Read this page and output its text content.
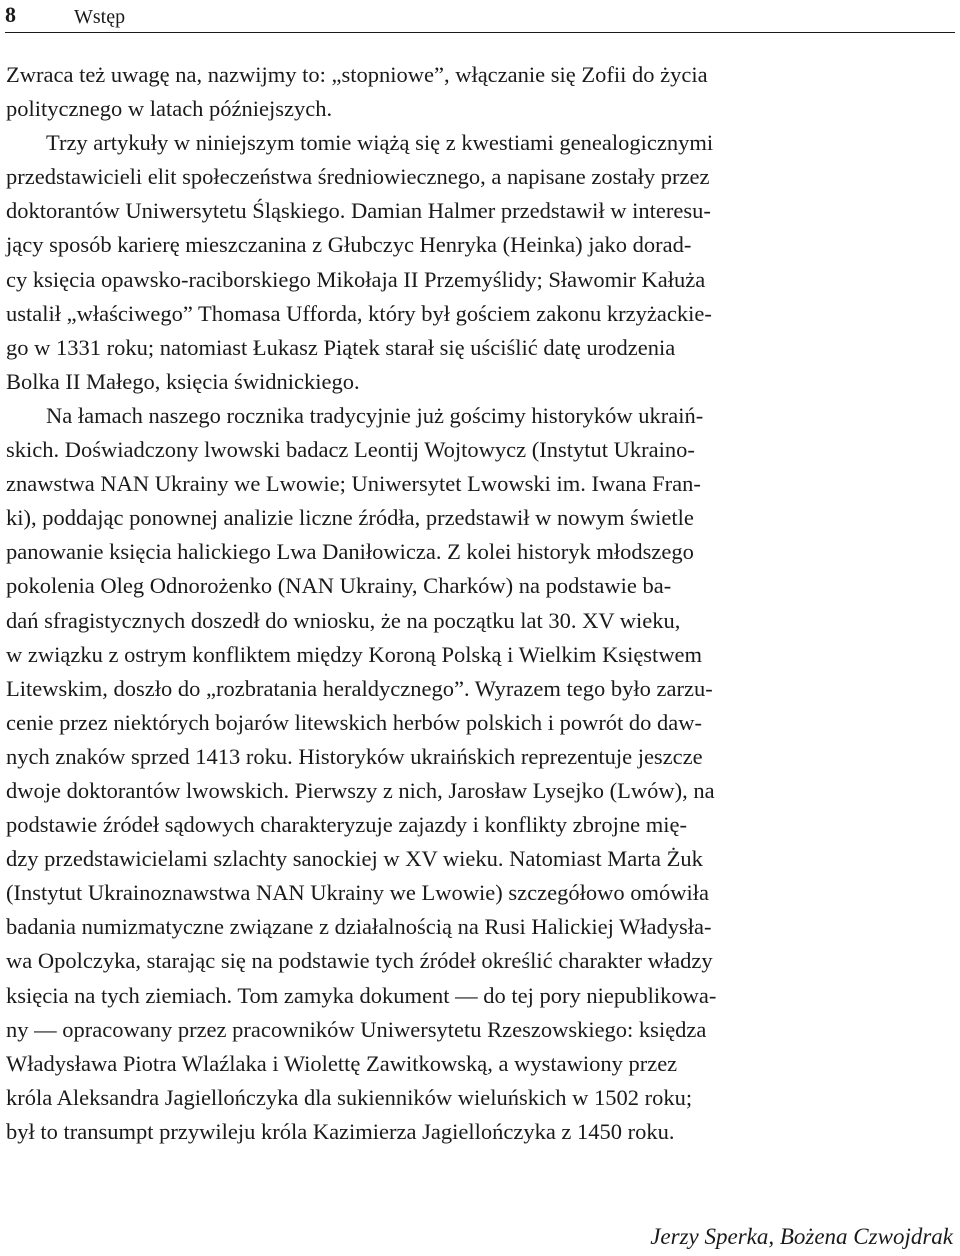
8	Wstęp

Zwraca też uwagę na, nazwijmy to: „stopniowe”, włączanie się Zofii do życia
politycznego w latach późniejszych.

Trzy artykuły w niniejszym tomie wiążą się z kwestiami genealogicznymi
przedstawicieli elit społeczeństwa średniowiecznego, a napisane zostały przez
doktorantów Uniwersytetu Śląskiego. Damian Halmer przedstawił w interesu-
jący sposób karierę mieszczanina z Głubczyc Henryka (Heinka) jako dorad-
cy księcia opawsko-raciborskiego Mikołaja II Przemyślidy; Sławomir Kałuża
ustalił „właściwego” Thomasa Ufforda, który był gościem zakonu krzyżackie-
go w 1331 roku; natomiast Łukasz Piątek starał się uściślić datę urodzenia
Bolka II Małego, księcia świdnickiego.

Na łamach naszego rocznika tradycyjnie już gościmy historyków ukraiń-
skich. Doświadczony lwowski badacz Leontij Wojtowycz (Instytut Ukraino-
znawstwa NAN Ukrainy we Lwowie; Uniwersytet Lwowski im. Iwana Fran-
ki), poddając ponownej analizie liczne źródła, przedstawił w nowym świetle
panowanie księcia halickiego Lwa Daniłowicza. Z kolei historyk młodszego
pokolenia Oleg Odnorożenko (NAN Ukrainy, Charków) na podstawie ba-
dań sfragistycznych doszedł do wniosku, że na początku lat 30. XV wieku,
w związku z ostrym konfliktem między Koroną Polską i Wielkim Księstwem
Litewskim, doszło do „rozbratania heraldycznego”. Wyrazem tego było zarzu-
cenie przez niektórych bojarów litewskich herbów polskich i powrót do daw-
nych znaków sprzed 1413 roku. Historyków ukraińskich reprezentuje jeszcze
dwoje doktorantów lwowskich. Pierwszy z nich, Jarosław Lysejko (Lwów), na
podstawie źródeł sądowych charakteryzuje zajazdy i konflikty zbrojne mię-
dzy przedstawicielami szlachty sanockiej w XV wieku. Natomiast Marta Żuk
(Instytut Ukrainoznawstwa NAN Ukrainy we Lwowie) szczegółowo omówiła
badania numizmatyczne związane z działalnością na Rusi Halickiej Władysła-
wa Opolczyka, starając się na podstawie tych źródeł określić charakter władzy
księcia na tych ziemiach. Tom zamyka dokument — do tej pory niepublikowa-
ny — opracowany przez pracowników Uniwersytetu Rzeszowskiego: księdza
Władysława Piotra Wlaźlaka i Wiolettę Zawitkowską, a wystawiony przez
króla Aleksandra Jagiellończyka dla sukienników wieluńskich w 1502 roku;
był to transumpt przywileju króla Kazimierza Jagiellończyka z 1450 roku.

Jerzy Sperka, Bożena Czwojdrak
